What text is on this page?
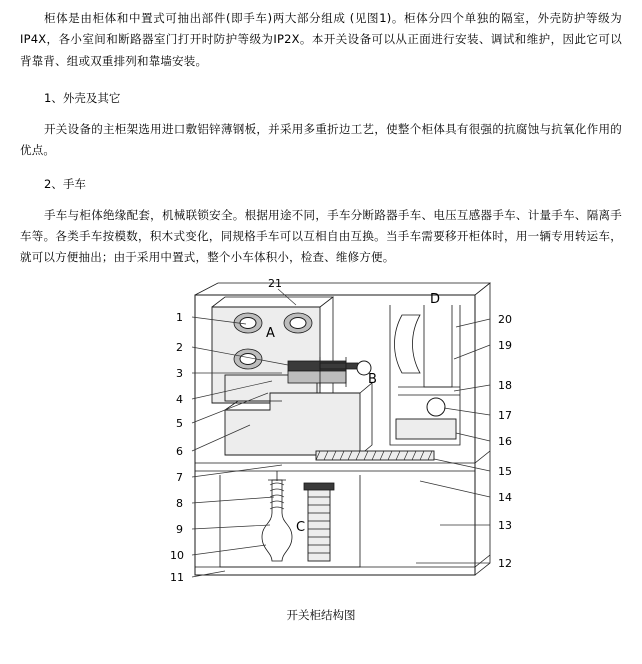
柜体是由柜体和中置式可抽出部件(即手车)两大部分组成 (见图1)。柜体分四个单独的隔室，外壳防护等级为IP4X，各小室间和断路器室门打开时防护等级为IP2X。本开关设备可以从正面进行安装、调试和维护，因此它可以背靠背、组或双重排列和靠墙安装。

1、外壳及其它

开关设备的主柜架选用进口敷铝锌薄钢板，并采用多重折边工艺，使整个柜体具有很强的抗腐蚀与抗氧化作用的优点。

2、手车

手车与柜体绝缘配套，机械联锁安全。根据用途不同，手车分断路器手车、电压互感器手车、计量手车、隔离手车等。各类手车按模数，积木式变化，同规格手车可以互相自由互换。当手车需要移开柜体时，用一辆专用转运车，就可以方便抽出；由于采用中置式，整个小车体积小，检查、维修方便。

1
2
3
4
5
6
7
8
9
10
11
20
19
18
17
16
15
14
13
12
21
A
B
C
D
开关柜结构图
